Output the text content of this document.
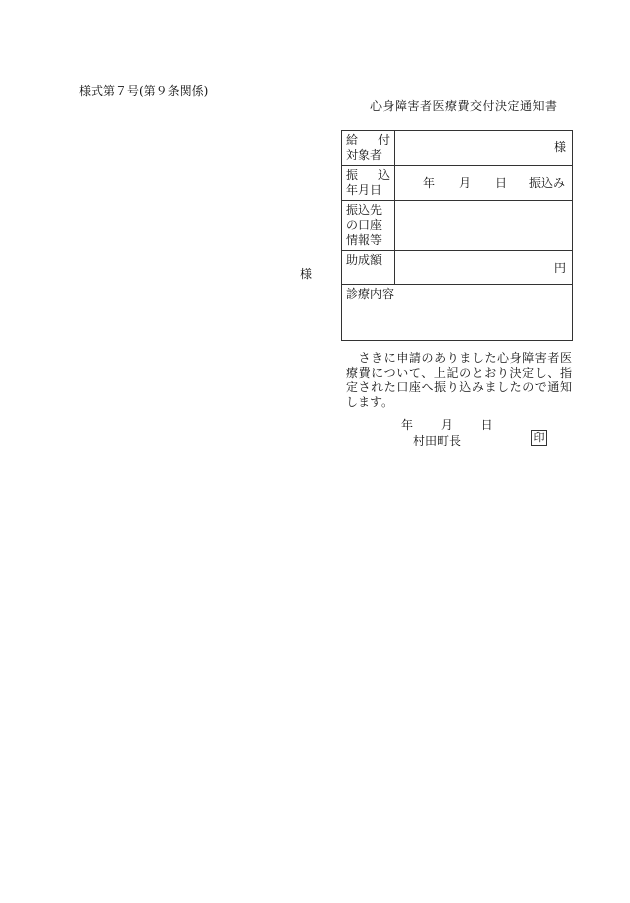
様式第７号(第９条関係)
心身障害者医療費交付決定通知書
様
給　付
対象者	様

振　込
年月日	年 月 日 振込み

振込先
の口座
情報等	

助成額	円

診療内容	
さきに申請のありました心身障害者医療費について、上記のとおり決定し、指定された口座へ振り込みましたので通知します。
年 月 日
村田町長	印
